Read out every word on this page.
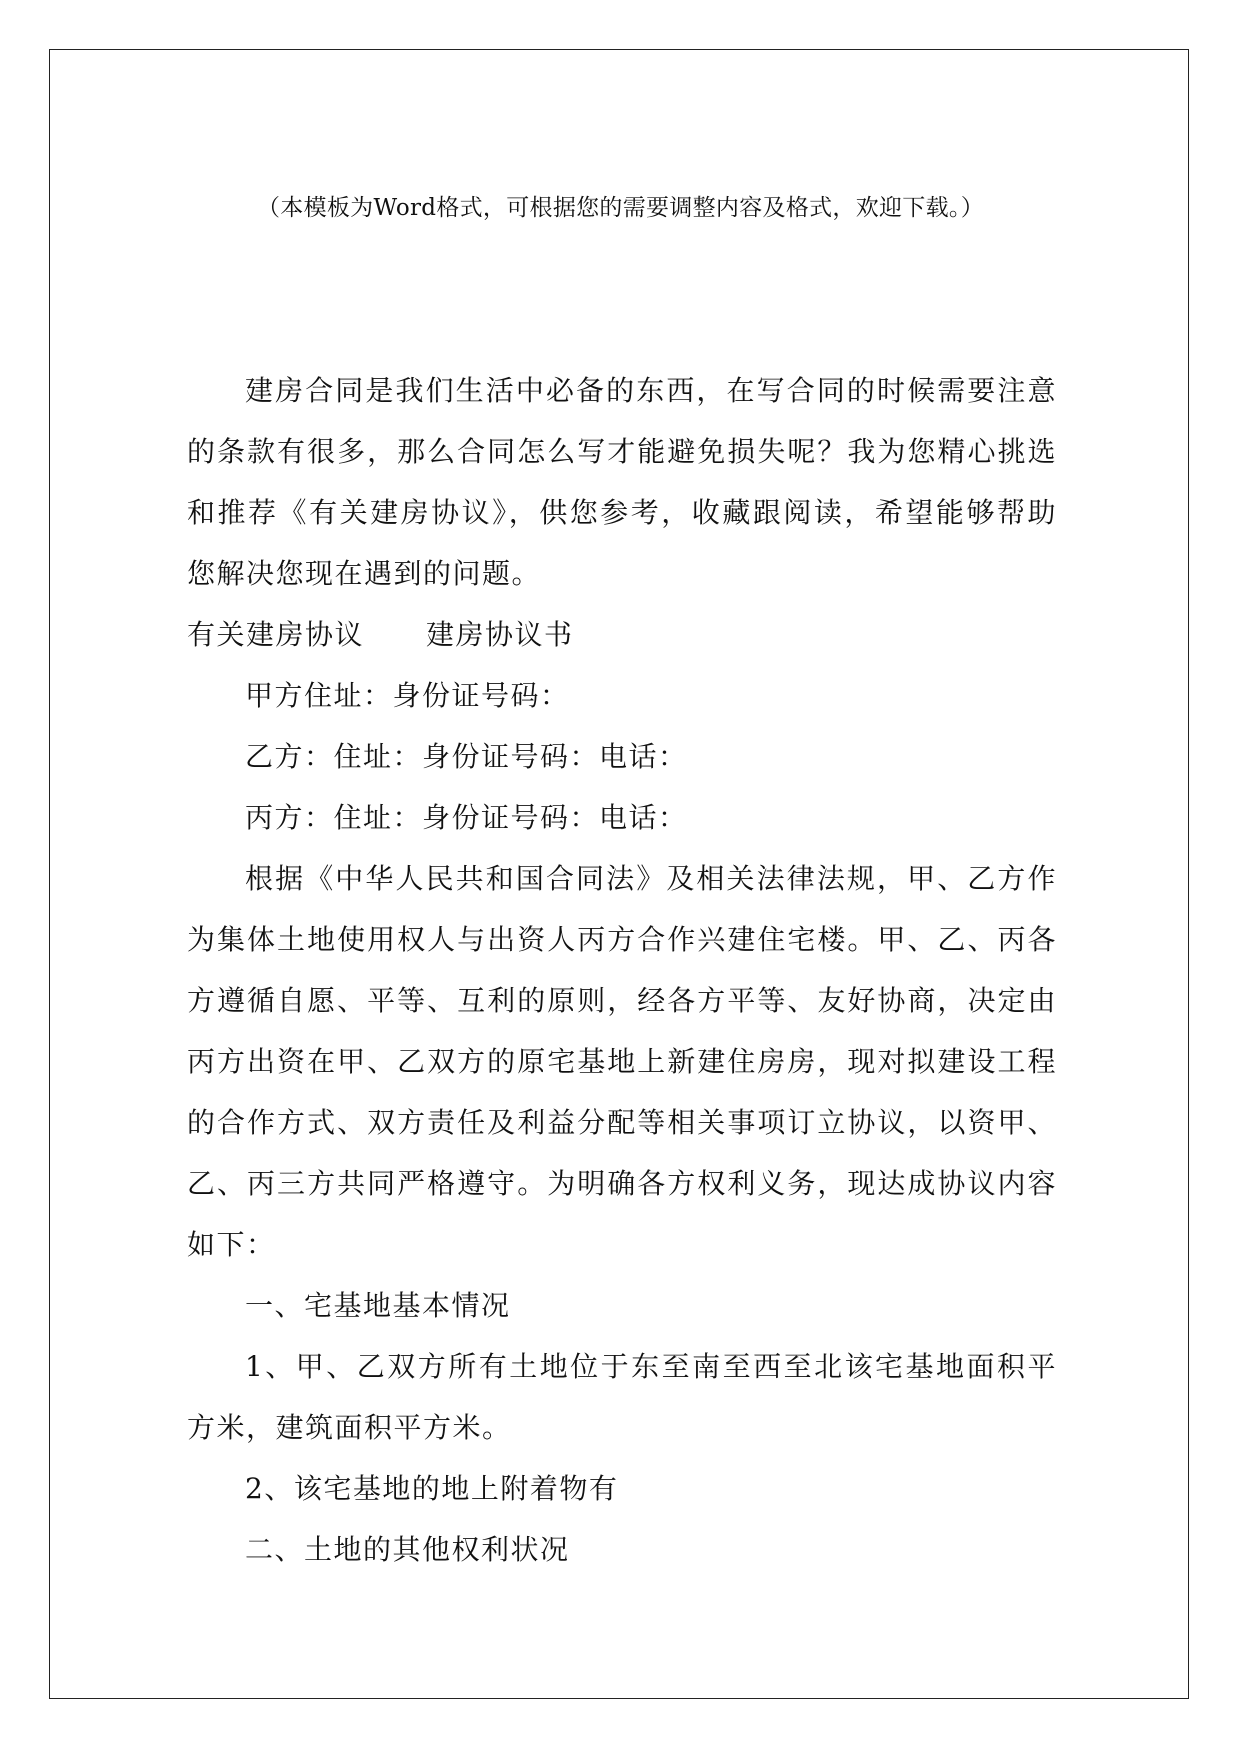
（本模板为Word格式，可根据您的需要调整内容及格式，欢迎下载。）

建房合同是我们生活中必备的东西，在写合同的时候需要注意的条款有很多，那么合同怎么写才能避免损失呢？我为您精心挑选和推荐《有关建房协议》，供您参考，收藏跟阅读，希望能够帮助您解决您现在遇到的问题。

有关建房协议 建房协议书

甲方住址：身份证号码：

乙方：住址：身份证号码：电话：

丙方：住址：身份证号码：电话：

根据《中华人民共和国合同法》及相关法律法规，甲、乙方作为集体土地使用权人与出资人丙方合作兴建住宅楼。甲、乙、丙各方遵循自愿、平等、互利的原则，经各方平等、友好协商，决定由丙方出资在甲、乙双方的原宅基地上新建住房房，现对拟建设工程的合作方式、双方责任及利益分配等相关事项订立协议，以资甲、乙、丙三方共同严格遵守。为明确各方权利义务，现达成协议内容如下：

一、宅基地基本情况

1、甲、乙双方所有土地位于东至南至西至北该宅基地面积平方米，建筑面积平方米。

2、该宅基地的地上附着物有

二、土地的其他权利状况
